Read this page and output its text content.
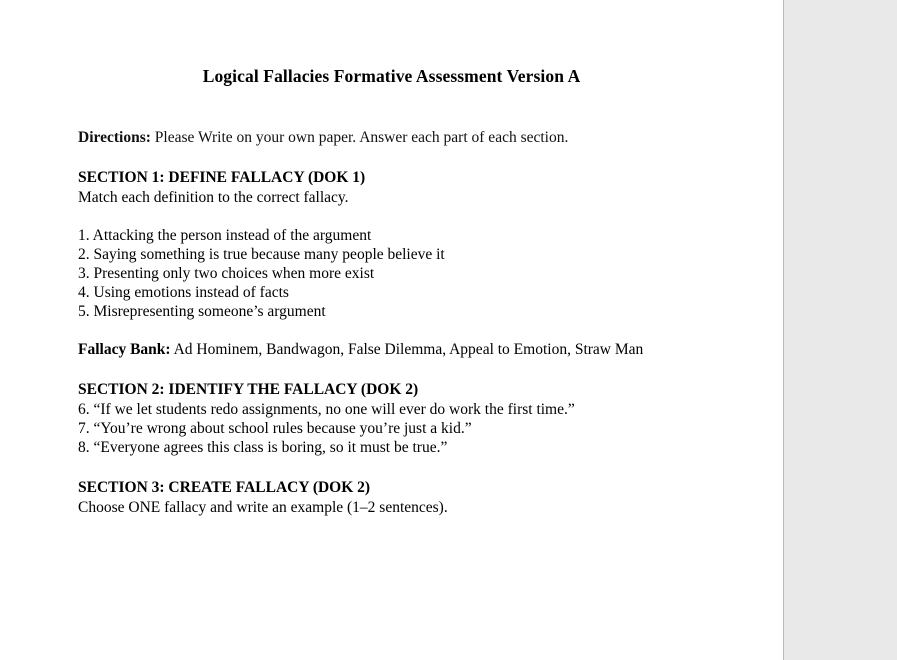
Logical Fallacies Formative Assessment Version A

Directions: Please Write on your own paper. Answer each part of each section.

SECTION 1: DEFINE FALLACY (DOK 1)
Match each definition to the correct fallacy.
1. Attacking the person instead of the argument
2. Saying something is true because many people believe it
3. Presenting only two choices when more exist
4. Using emotions instead of facts
5. Misrepresenting someone’s argument

Fallacy Bank: Ad Hominem, Bandwagon, False Dilemma, Appeal to Emotion, Straw Man

SECTION 2: IDENTIFY THE FALLACY (DOK 2)
6. “If we let students redo assignments, no one will ever do work the first time.”
7. “You’re wrong about school rules because you’re just a kid.”
8. “Everyone agrees this class is boring, so it must be true.”
SECTION 3: CREATE FALLACY (DOK 2)
Choose ONE fallacy and write an example (1–2 sentences).
